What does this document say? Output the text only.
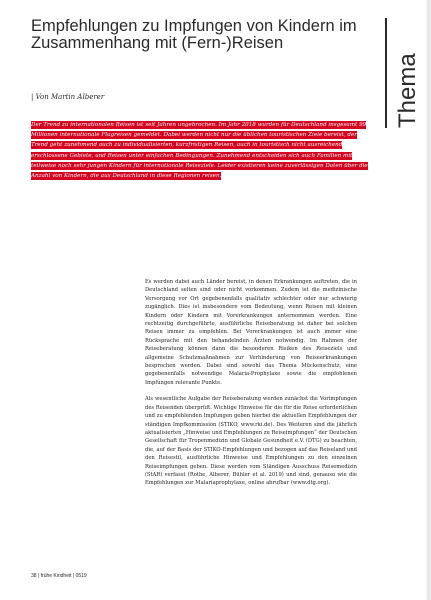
Empfehlungen zu Impfungen von Kindern im Zusammenhang mit (Fern-)Reisen

| Von Martin Alberer	Thema

Der Trend zu internationalen Reisen ist seit Jahren ungebrochen. Im Jahr 2018 wurden für Deutschland insgesamt 99 Millionen internationale Flugreisen gemeldet. Dabei werden nicht nur die üblichen touristischen Ziele bereist, der Trend geht zunehmend auch zu individualisierten, kurzfristigen Reisen, auch in touristisch nicht ausreichend erschlossene Gebiete, und Reisen unter einfachen Bedingungen. Zunehmend entscheiden sich auch Familien mit teilweise noch sehr jungen Kindern für internationale Reiseziele. Leider existieren keine zuverlässigen Daten über die Anzahl von Kindern, die aus Deutschland in diese Regionen reisen.

Es werden dabei auch Länder bereist, in denen Erkrankungen auftreten, die in Deutschland selten sind oder nicht vorkommen. Zudem ist die medizinische Versorgung vor Ort gegebenenfalls qualitativ schlechter oder nur schwierig zugänglich. Dies ist insbesondere vom Bedeutung, wenn Reisen mit kleinen Kindern oder Kindern mit Vorerkrankungen unternommen werden. Eine rechtzeitig durchgeführte, ausführliche Reiseberatung ist daher bei solchen Reisen immer zu empfehlen. Bei Vorerkrankungen ist auch immer eine Rücksprache mit den behandelnden Ärzten notwendig. Im Rahmen der Reiseberatung können dann die besonderen Risiken des Reiseziels und allgemeine Schutzmaßnahmen zur Verhinderung von Reiseerkrankungen besprochen werden. Dabei sind sowohl das Thema Mückenschutz, eine gegebenenfalls notwendige Malaria-Prophylaxe sowie die empfohlenen Impfungen relevante Punkte.

Als wesentliche Aufgabe der Reiseberatung werden zunächst die Vorimpfungen des Reisenden überprüft. Wichtige Hinweise für die für die Reise erforderlichen und zu empfehlenden Impfungen geben hierbei die aktuellen Empfehlungen der ständigen Impfkommission (STIKO, www.rki.de). Des Weiteren sind die jährlich aktualisierten „Hinweise und Empfehlungen zu Reiseimpfungen“ der Deutschen Gesellschaft für Tropenmedizin und Globale Gesundheit e.V. (DTG) zu beachten, die, auf der Basis der STIKO-Empfehlungen und bezogen auf das Reiseland und den Reisestil, ausführliche Hinweise und Empfehlungen zu den einzelnen Reiseimpfungen geben. Diese werden vom Ständigen Ausschuss Reisemedizin (StAR) verfasst (Rothe, Alberer, Bühler et al. 2019) und sind, genauso wie die Empfehlungen zur Malariaprophylaxe, online abrufbar (www.dtg.org).

38 | frühe Kindheit | 0519
